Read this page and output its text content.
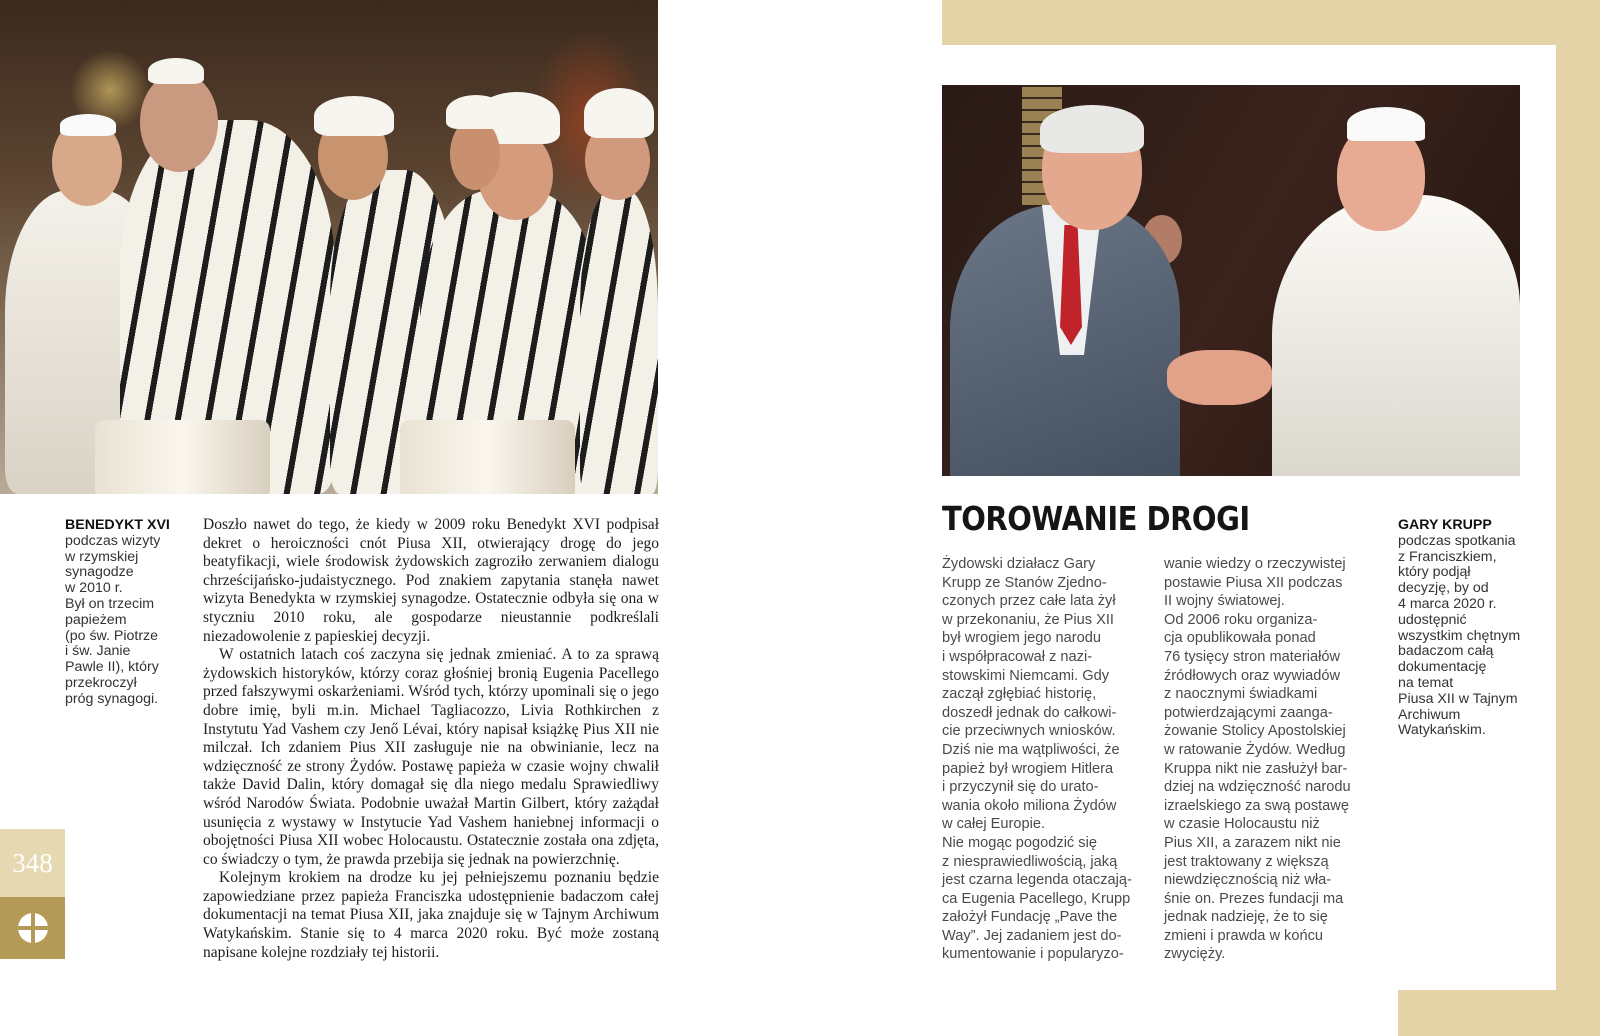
BENEDYKT XVI
podczas wizyty
w rzymskiej
synagodze
w 2010 r.
Był on trzecim
papieżem
(po św. Piotrze
i św. Janie
Pawle II), który
przekroczył
próg synagogi.

Doszło nawet do tego, że kiedy w 2009 roku Benedykt XVI podpisał dekret o heroiczności cnót Piusa XII, otwierający drogę do jego beatyfikacji, wiele środowisk żydowskich zagroziło zerwaniem dialogu chrześcijańsko-judaistycznego. Pod znakiem zapytania stanęła nawet wizyta Benedykta w rzymskiej synagodze. Ostatecznie odbyła się ona w styczniu 2010 roku, ale gospodarze nieustannie podkreślali niezadowolenie z papieskiej decyzji.

W ostatnich latach coś zaczyna się jednak zmieniać. A to za sprawą żydowskich historyków, którzy coraz głośniej bronią Eugenia Pacellego przed fałszywymi oskarżeniami. Wśród tych, którzy upominali się o jego dobre imię, byli m.in. Michael Tagliacozzo, Livia Rothkirchen z Instytutu Yad Vashem czy Jenő Lévai, który napisał książkę Pius XII nie milczał. Ich zdaniem Pius XII zasługuje nie na obwinianie, lecz na wdzięczność ze strony Żydów. Postawę papieża w czasie wojny chwalił także David Dalin, który domagał się dla niego medalu Sprawiedliwy wśród Narodów Świata. Podobnie uważał Martin Gilbert, który zażądał usunięcia z wystawy w Instytucie Yad Vashem haniebnej informacji o obojętności Piusa XII wobec Holocaustu. Ostatecznie została ona zdjęta, co świadczy o tym, że prawda przebija się jednak na powierzchnię.

Kolejnym krokiem na drodze ku jej pełniejszemu poznaniu będzie zapowiedziane przez papieża Franciszka udostępnienie badaczom całej dokumentacji na temat Piusa XII, jaka znajduje się w Tajnym Archiwum Watykańskim. Stanie się to 4 marca 2020 roku. Być może zostaną napisane kolejne rozdziały tej historii.

348
TOROWANIE DROGI
Żydowski działacz Gary
Krupp ze Stanów Zjedno-
czonych przez całe lata żył
w przekonaniu, że Pius XII
był wrogiem jego narodu
i współpracował z nazi-
stowskimi Niemcami. Gdy
zaczął zgłębiać historię,
doszedł jednak do całkowi-
cie przeciwnych wniosków.
Dziś nie ma wątpliwości, że
papież był wrogiem Hitlera
i przyczynił się do urato-
wania około miliona Żydów
w całej Europie.
Nie mogąc pogodzić się
z niesprawiedliwością, jaką
jest czarna legenda otaczają-
ca Eugenia Pacellego, Krupp
założył Fundację „Pave the
Way”. Jej zadaniem jest do-
kumentowanie i popularyzo-
wanie wiedzy o rzeczywistej
postawie Piusa XII podczas
II wojny światowej.
Od 2006 roku organiza-
cja opublikowała ponad
76 tysięcy stron materiałów
źródłowych oraz wywiadów
z naocznymi świadkami
potwierdzającymi zaanga-
żowanie Stolicy Apostolskiej
w ratowanie Żydów. Według
Kruppa nikt nie zasłużył bar-
dziej na wdzięczność narodu
izraelskiego za swą postawę
w czasie Holocaustu niż
Pius XII, a zarazem nikt nie
jest traktowany z większą
niewdzięcznością niż wła-
śnie on. Prezes fundacji ma
jednak nadzieję, że to się
zmieni i prawda w końcu
zwycięży.
GARY KRUPP
podczas spotkania
z Franciszkiem,
który podjął
decyzję, by od
4 marca 2020 r.
udostępnić
wszystkim chętnym
badaczom całą
dokumentację
na temat
Piusa XII w Tajnym
Archiwum
Watykańskim.
